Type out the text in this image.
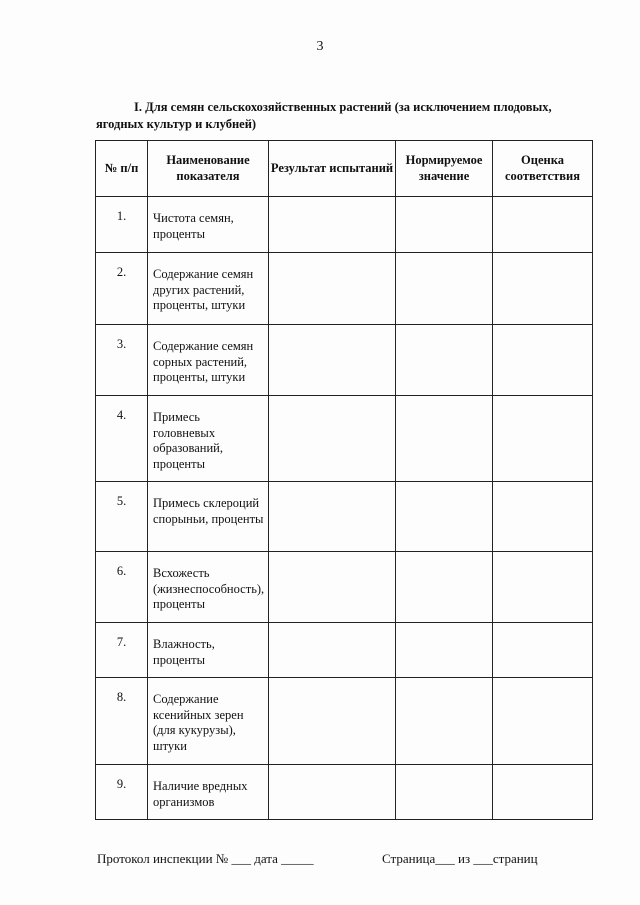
3
I. Для семян сельскохозяйственных растений (за исключением плодовых, ягодных культур и клубней)
№ п/п	Наименование показателя	Результат испытаний	Нормируемое значение	Оценка соответствия
1.	Чистота семян, проценты			
2.	Содержание семян других растений, проценты, штуки			
3.	Содержание семян сорных растений, проценты, штуки			
4.	Примесь головневых образований, проценты			
5.	Примесь склероций спорыньи, проценты			
6.	Всхожесть (жизнеспособность), проценты			
7.	Влажность, проценты			
8.	Содержание ксенийных зерен (для кукурузы), штуки			
9.	Наличие вредных организмов			
Протокол инспекции № ___ дата _____	Страница___ из ___страниц
